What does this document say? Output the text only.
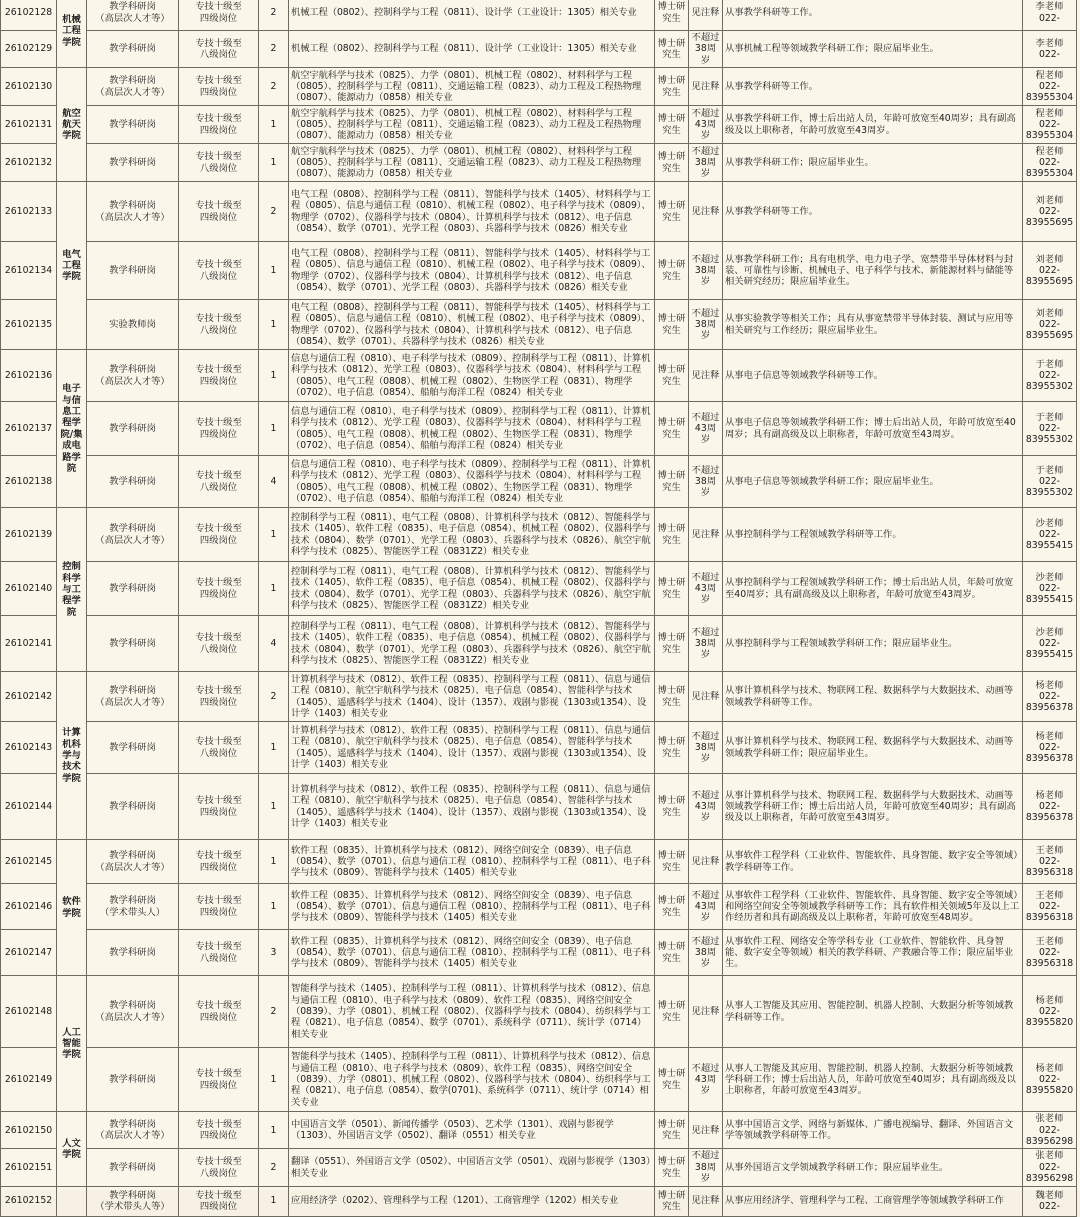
26102128	机械工程学院	教学科研岗
（高层次人才等）	专技十级至
四级岗位	2	机械工程（0802）、控制科学与工程（0811）、设计学（工业设计：1305）相关专业	博士研
究生	见注释	从事教学科研等工作。	李老师
022-

26102129		教学科研岗	专技十级至
八级岗位	2	机械工程（0802）、控制科学与工程（0811）、设计学（工业设计：1305）相关专业	博士研
究生	不超过38周岁	从事机械工程等领域教学科研工作；限应届毕业生。	李老师
022-

26102130	航空航天学院	教学科研岗
（高层次人才等）	专技十级至
四级岗位	2	航空宇航科学与技术（0825）、力学（0801）、机械工程（0802）、材料科学与工程（0805）、控制科学与工程（0811）、交通运输工程（0823）、动力工程及工程热物理（0807）、能源动力（0858）相关专业	博士研
究生	见注释	从事教学科研等工作。	程老师
022-
83955304

26102131		教学科研岗	专技十级至
四级岗位	1	航空宇航科学与技术（0825）、力学（0801）、机械工程（0802）、材料科学与工程（0805）、控制科学与工程（0811）、交通运输工程（0823）、动力工程及工程热物理（0807）、能源动力（0858）相关专业	博士研
究生	不超过43周岁	从事教学科研工作，博士后出站人员，年龄可放宽至40周岁；具有副高级及以上职称者，年龄可放宽至43周岁。	程老师
022-
83955304

26102132		教学科研岗	专技十级至
八级岗位	1	航空宇航科学与技术（0825）、力学（0801）、机械工程（0802）、材料科学与工程（0805）、控制科学与工程（0811）、交通运输工程（0823）、动力工程及工程热物理（0807）、能源动力（0858）相关专业	博士研
究生	不超过38周岁	从事教学科研工作；限应届毕业生。	程老师
022-
83955304

26102133	电气工程学院	教学科研岗
（高层次人才等）	专技十级至
四级岗位	2	电气工程（0808）、控制科学与工程（0811）、智能科学与技术（1405）、材料科学与工程（0805）、信息与通信工程（0810）、机械工程（0802）、电子科学与技术（0809）、物理学（0702）、仪器科学与技术（0804）、计算机科学与技术（0812）、电子信息（0854）、数学（0701）、光学工程（0803）、兵器科学与技术（0826）相关专业	博士研
究生	见注释	从事教学科研等工作。	刘老师
022-
83955695

26102134		教学科研岗	专技十级至
八级岗位	1	电气工程（0808）、控制科学与工程（0811）、智能科学与技术（1405）、材料科学与工程（0805）、信息与通信工程（0810）、机械工程（0802）、电子科学与技术（0809）、物理学（0702）、仪器科学与技术（0804）、计算机科学与技术（0812）、电子信息（0854）、数学（0701）、光学工程（0803）、兵器科学与技术（0826）相关专业	博士研
究生	不超过38周岁	从事教学科研工作；具有电机学、电力电子学、宽禁带半导体材料与封装、可靠性与诊断、机械电子、电子科学与技术、新能源材料与储能等相关研究经历；限应届毕业生。	刘老师
022-
83955695

26102135		实验教师岗	专技十级至
八级岗位	1	电气工程（0808）、控制科学与工程（0811）、智能科学与技术（1405）、材料科学与工程（0805）、信息与通信工程（0810）、机械工程（0802）、电子科学与技术（0809）、物理学（0702）、仪器科学与技术（0804）、计算机科学与技术（0812）、电子信息（0854）、数学（0701）、兵器科学与技术（0826）相关专业	博士研
究生	不超过38周岁	从事实验教学等相关工作；具有从事宽禁带半导体封装、测试与应用等相关研究与工作经历；限应届毕业生。	刘老师
022-
83955695

26102136	电子与信息工程学院/集成电路学院	教学科研岗
（高层次人才等）	专技十级至
四级岗位	1	信息与通信工程（0810）、电子科学与技术（0809）、控制科学与工程（0811）、计算机科学与技术（0812）、光学工程（0803）、仪器科学与技术（0804）、材料科学与工程（0805）、电气工程（0808）、机械工程（0802）、生物医学工程（0831）、物理学（0702）、电子信息（0854）、船舶与海洋工程（0824）相关专业	博士研
究生	见注释	从事电子信息等领域教学科研等工作。	于老师
022-
83955302

26102137		教学科研岗	专技十级至
四级岗位	1	信息与通信工程（0810）、电子科学与技术（0809）、控制科学与工程（0811）、计算机科学与技术（0812）、光学工程（0803）、仪器科学与技术（0804）、材料科学与工程（0805）、电气工程（0808）、机械工程（0802）、生物医学工程（0831）、物理学（0702）、电子信息（0854）、船舶与海洋工程（0824）相关专业	博士研
究生	不超过43周岁	从事电子信息等领域教学科研工作；博士后出站人员，年龄可放宽至40周岁；具有副高级及以上职称者，年龄可放宽至43周岁。	于老师
022-
83955302

26102138		教学科研岗	专技十级至
八级岗位	4	信息与通信工程（0810）、电子科学与技术（0809）、控制科学与工程（0811）、计算机科学与技术（0812）、光学工程（0803）、仪器科学与技术（0804）、材料科学与工程（0805）、电气工程（0808）、机械工程（0802）、生物医学工程（0831）、物理学（0702）、电子信息（0854）、船舶与海洋工程（0824）相关专业	博士研
究生	不超过38周岁	从事电子信息等领域教学科研工作；限应届毕业生。	于老师
022-
83955302

26102139	控制科学与工程学院	教学科研岗
（高层次人才等）	专技十级至
四级岗位	1	控制科学与工程（0811）、电气工程（0808）、计算机科学与技术（0812）、智能科学与技术（1405）、软件工程（0835）、电子信息（0854）、机械工程（0802）、仪器科学与技术（0804）、数学（0701）、光学工程（0803）、兵器科学与技术（0826）、航空宇航科学与技术（0825）、智能医学工程（0831Z2）相关专业	博士研
究生	见注释	从事控制科学与工程领域教学科研等工作。	沙老师
022-
83955415

26102140		教学科研岗	专技十级至
四级岗位	1	控制科学与工程（0811）、电气工程（0808）、计算机科学与技术（0812）、智能科学与技术（1405）、软件工程（0835）、电子信息（0854）、机械工程（0802）、仪器科学与技术（0804）、数学（0701）、光学工程（0803）、兵器科学与技术（0826）、航空宇航科学与技术（0825）、智能医学工程（0831Z2）相关专业	博士研
究生	不超过43周岁	从事控制科学与工程领域教学科研工作；博士后出站人员，年龄可放宽至40周岁；具有副高级及以上职称者，年龄可放宽至43周岁。	沙老师
022-
83955415

26102141		教学科研岗	专技十级至
八级岗位	4	控制科学与工程（0811）、电气工程（0808）、计算机科学与技术（0812）、智能科学与技术（1405）、软件工程（0835）、电子信息（0854）、机械工程（0802）、仪器科学与技术（0804）、数学（0701）、光学工程（0803）、兵器科学与技术（0826）、航空宇航科学与技术（0825）、智能医学工程（0831Z2）相关专业	博士研
究生	不超过38周岁	从事控制科学与工程领域教学科研工作；限应届毕业生。	沙老师
022-
83955415

26102142	计算机科学与技术学院	教学科研岗
（高层次人才等）	专技十级至
四级岗位	2	计算机科学与技术（0812）、软件工程（0835）、控制科学与工程（0811）、信息与通信工程（0810）、航空宇航科学与技术（0825）、电子信息（0854）、智能科学与技术（1405）、遥感科学与技术（1404）、设计（1357）、戏剧与影视（1303或1354）、设计学（1403）相关专业	博士研
究生	见注释	从事计算机科学与技术、物联网工程、数据科学与大数据技术、动画等领域教学科研等工作。	杨老师
022-
83956378

26102143		教学科研岗	专技十级至
八级岗位	1	计算机科学与技术（0812）、软件工程（0835）、控制科学与工程（0811）、信息与通信工程（0810）、航空宇航科学与技术（0825）、电子信息（0854）、智能科学与技术（1405）、遥感科学与技术（1404）、设计（1357）、戏剧与影视（1303或1354）、设计学（1403）相关专业	博士研
究生	不超过38周岁	从事计算机科学与技术、物联网工程、数据科学与大数据技术、动画等领域教学科研工作；限应届毕业生。	杨老师
022-
83956378

26102144		教学科研岗	专技十级至
四级岗位	1	计算机科学与技术（0812）、软件工程（0835）、控制科学与工程（0811）、信息与通信工程（0810）、航空宇航科学与技术（0825）、电子信息（0854）、智能科学与技术（1405）、遥感科学与技术（1404）、设计（1357）、戏剧与影视（1303或1354）、设计学（1403）相关专业	博士研
究生	不超过43周岁	从事计算机科学与技术、物联网工程、数据科学与大数据技术、动画等领域教学科研工作；博士后出站人员，年龄可放宽至40周岁；具有副高级及以上职称者，年龄可放宽至43周岁。	杨老师
022-
83956378

26102145	软件学院	教学科研岗
（高层次人才等）	专技十级至
四级岗位	1	软件工程（0835）、计算机科学与技术（0812）、网络空间安全（0839）、电子信息（0854）、数学（0701）、信息与通信工程（0810）、控制科学与工程（0811）、电子科学与技术（0809）、智能科学与技术（1405）相关专业	博士研
究生	见注释	从事软件工程学科（工业软件、智能软件、具身智能、数字安全等领域）教学科研等工作。	王老师
022-
83956318

26102146		教学科研岗
（学术带头人）	专技十级至
四级岗位	1	软件工程（0835）、计算机科学与技术（0812）、网络空间安全（0839）、电子信息（0854）、数学（0701）、信息与通信工程（0810）、控制科学与工程（0811）、电子科学与技术（0809）、智能科学与技术（1405）相关专业	博士研
究生	不超过43周岁	从事软件工程学科（工业软件、智能软件、具身智能、数字安全等领域）和网络空间安全等领域教学科研等工作；具有软件相关领域5年及以上工作经历者和具有副高级及以上职称者，年龄可放宽至48周岁。	王老师
022-
83956318

26102147		教学科研岗	专技十级至
八级岗位	3	软件工程（0835）、计算机科学与技术（0812）、网络空间安全（0839）、电子信息（0854）、数学（0701）、信息与通信工程（0810）、控制科学与工程（0811）、电子科学与技术（0809）、智能科学与技术（1405）相关专业	博士研
究生	不超过38周岁	从事软件工程、网络安全等学科专业（工业软件、智能软件、具身智能、数字安全等领域）相关的教学科研、产教融合等工作；限应届毕业生。	王老师
022-
83956318

26102148	人工智能学院	教学科研岗
（高层次人才等）	专技十级至
四级岗位	2	智能科学与技术（1405）、控制科学与工程（0811）、计算机科学与技术（0812）、信息与通信工程（0810）、电子科学与技术（0809）、软件工程（0835）、网络空间安全（0839）、力学（0801）、机械工程（0802）、仪器科学与技术（0804）、纺织科学与工程（0821）、电子信息（0854）、数学（0701）、系统科学（0711）、统计学（0714）相关专业	博士研
究生	见注释	从事人工智能及其应用、智能控制、机器人控制、大数据分析等领域教学科研等工作。	杨老师
022-
83955820

26102149		教学科研岗	专技十级至
四级岗位	1	智能科学与技术（1405）、控制科学与工程（0811）、计算机科学与技术（0812）、信息与通信工程（0810）、电子科学与技术（0809）、软件工程（0835）、网络空间安全（0839）、力学（0801）、机械工程（0802）、仪器科学与技术（0804）、纺织科学与工程（0821）、电子信息（0854）、数学(0701)、系统科学（0711）、统计学（0714）相关专业	博士研
究生	不超过43周岁	从事人工智能及其应用、智能控制、机器人控制、大数据分析等领域教学科研工作；博士后出站人员，年龄可放宽至40周岁；具有副高级及以上职称者，年龄可放宽至43周岁。	杨老师
022-
83955820

26102150	人文学院	教学科研岗
（高层次人才等）	专技十级至
四级岗位	1	中国语言文学（0501）、新闻传播学（0503）、艺术学（1301）、戏剧与影视学（1303）、外国语言文学（0502）、翻译（0551）相关专业	博士研
究生	见注释	从事中国语言文学、网络与新媒体、广播电视编导、翻译、外国语言文学等领域教学科研等工作。	张老师
022-
83956298

26102151		教学科研岗	专技十级至
八级岗位	2	翻译（0551）、外国语言文学（0502）、中国语言文学（0501）、戏剧与影视学（1303）相关专业	博士研
究生	不超过38周岁	从事外国语言文学领域教学科研工作；限应届毕业生。	张老师
022-
83956298

26102152		教学科研岗
（学术带头人等）	专技十级至
四级岗位	1	应用经济学（0202）、管理科学与工程（1201）、工商管理学（1202）相关专业	博士研
究生	见注释	从事应用经济学、管理科学与工程、工商管理学等领域教学科研工作	魏老师
022-
